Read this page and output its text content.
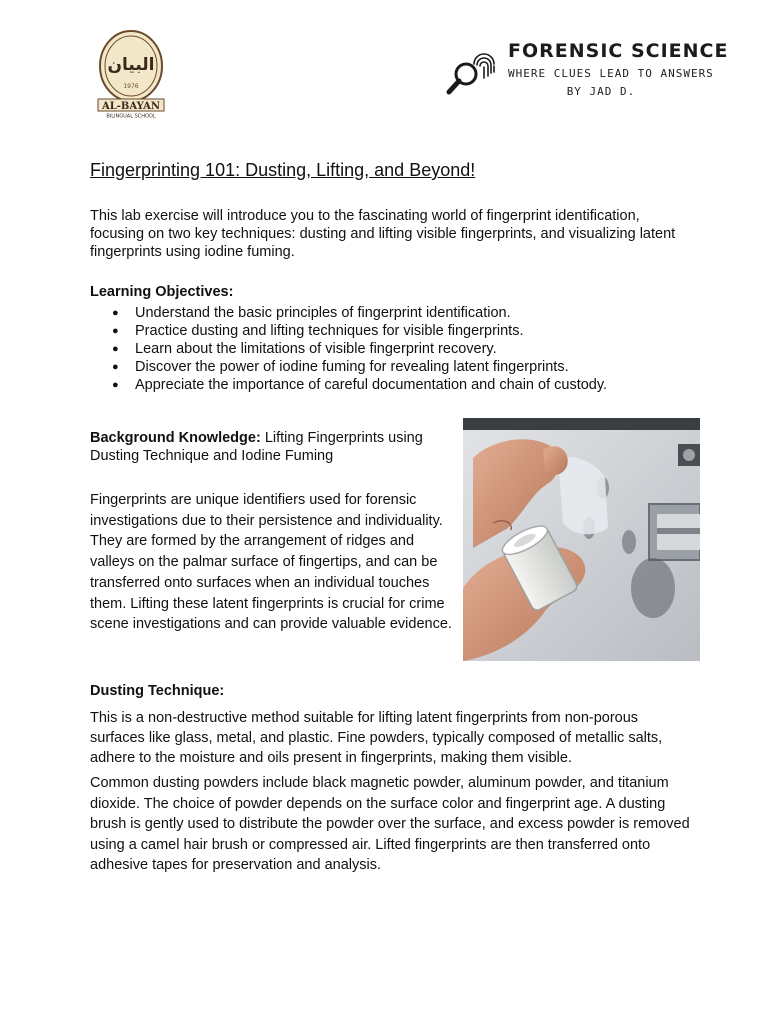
البيان
1976
AL-BAYAN
BILINGUAL SCHOOL
FORENSIC SCIENCE
WHERE CLUES LEAD TO ANSWERS
BY JAD D.
Fingerprinting 101: Dusting, Lifting, and Beyond!

This lab exercise will introduce you to the fascinating world of fingerprint identification, focusing on two key techniques: dusting and lifting visible fingerprints, and visualizing latent fingerprints using iodine fuming.

Learning Objectives:

● Understand the basic principles of fingerprint identification.
● Practice dusting and lifting techniques for visible fingerprints.
● Learn about the limitations of visible fingerprint recovery.
● Discover the power of iodine fuming for revealing latent fingerprints.
● Appreciate the importance of careful documentation and chain of custody.

Background Knowledge: Lifting Fingerprints using Dusting Technique and Iodine Fuming

Fingerprints are unique identifiers used for forensic investigations due to their persistence and individuality. They are formed by the arrangement of ridges and valleys on the palmar surface of fingertips, and can be transferred onto surfaces when an individual touches them. Lifting these latent fingerprints is crucial for crime scene investigations and can provide valuable evidence.

Dusting Technique:

This is a non-destructive method suitable for lifting latent fingerprints from non-porous surfaces like glass, metal, and plastic. Fine powders, typically composed of metallic salts, adhere to the moisture and oils present in fingerprints, making them visible.

Common dusting powders include black magnetic powder, aluminum powder, and titanium dioxide. The choice of powder depends on the surface color and fingerprint age. A dusting brush is gently used to distribute the powder over the surface, and excess powder is removed using a camel hair brush or compressed air. Lifted fingerprints are then transferred onto adhesive tapes for preservation and analysis.
